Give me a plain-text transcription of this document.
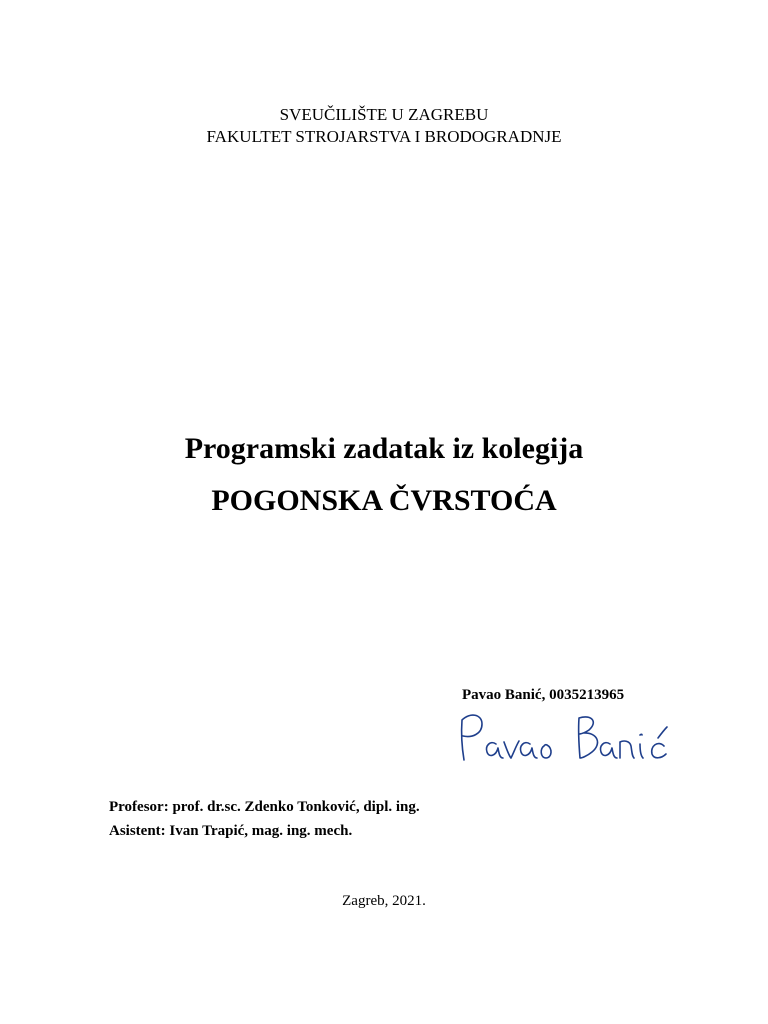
SVEUČILIŠTE U ZAGREBU
FAKULTET STROJARSTVA I BRODOGRADNJE
Programski zadatak iz kolegija
POGONSKA ČVRSTOĆA
Pavao Banić, 0035213965
Profesor: prof. dr.sc. Zdenko Tonković, dipl. ing.
Asistent: Ivan Trapić, mag. ing. mech.
Zagreb, 2021.
